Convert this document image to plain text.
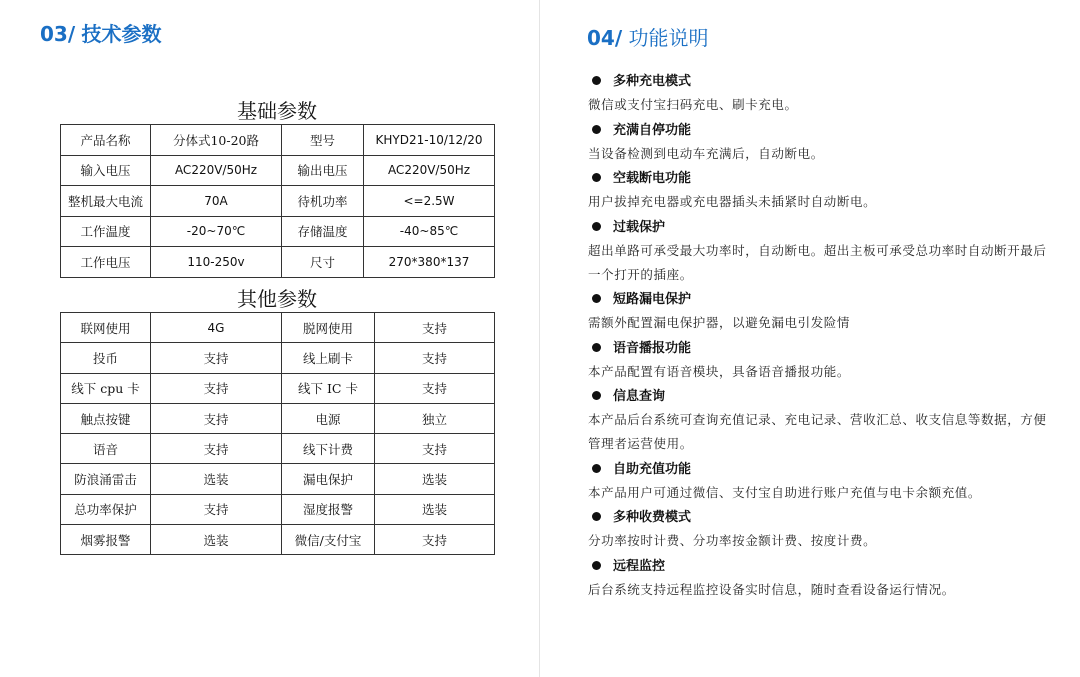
03/ 技术参数
基础参数
产品名称	分体式10-20路	型号	KHYD21-10/12/20
输入电压	AC220V/50Hz	输出电压	AC220V/50Hz
整机最大电流	70A	待机功率	<=2.5W
工作温度	-20~70℃	存储温度	-40~85℃
工作电压	110-250v	尺寸	270*380*137
其他参数
联网使用	4G	脱网使用	支持
投币	支持	线上刷卡	支持
线下 cpu 卡	支持	线下 IC 卡	支持
触点按键	支持	电源	独立
语音	支持	线下计费	支持
防浪涌雷击	选装	漏电保护	选装
总功率保护	支持	湿度报警	选装
烟雾报警	选装	微信/支付宝	支持
04/ 功能说明
多种充电模式
微信或支付宝扫码充电、刷卡充电。
充满自停功能
当设备检测到电动车充满后，自动断电。
空载断电功能
用户拔掉充电器或充电器插头未插紧时自动断电。
过载保护
超出单路可承受最大功率时，自动断电。超出主板可承受总功率时自动断开最后一个打开的插座。
短路漏电保护
需额外配置漏电保护器，以避免漏电引发险情
语音播报功能
本产品配置有语音模块，具备语音播报功能。
信息查询
本产品后台系统可查询充值记录、充电记录、营收汇总、收支信息等数据，方便管理者运营使用。
自助充值功能
本产品用户可通过微信、支付宝自助进行账户充值与电卡余额充值。
多种收费模式
分功率按时计费、分功率按金额计费、按度计费。
远程监控
后台系统支持远程监控设备实时信息，随时查看设备运行情况。
